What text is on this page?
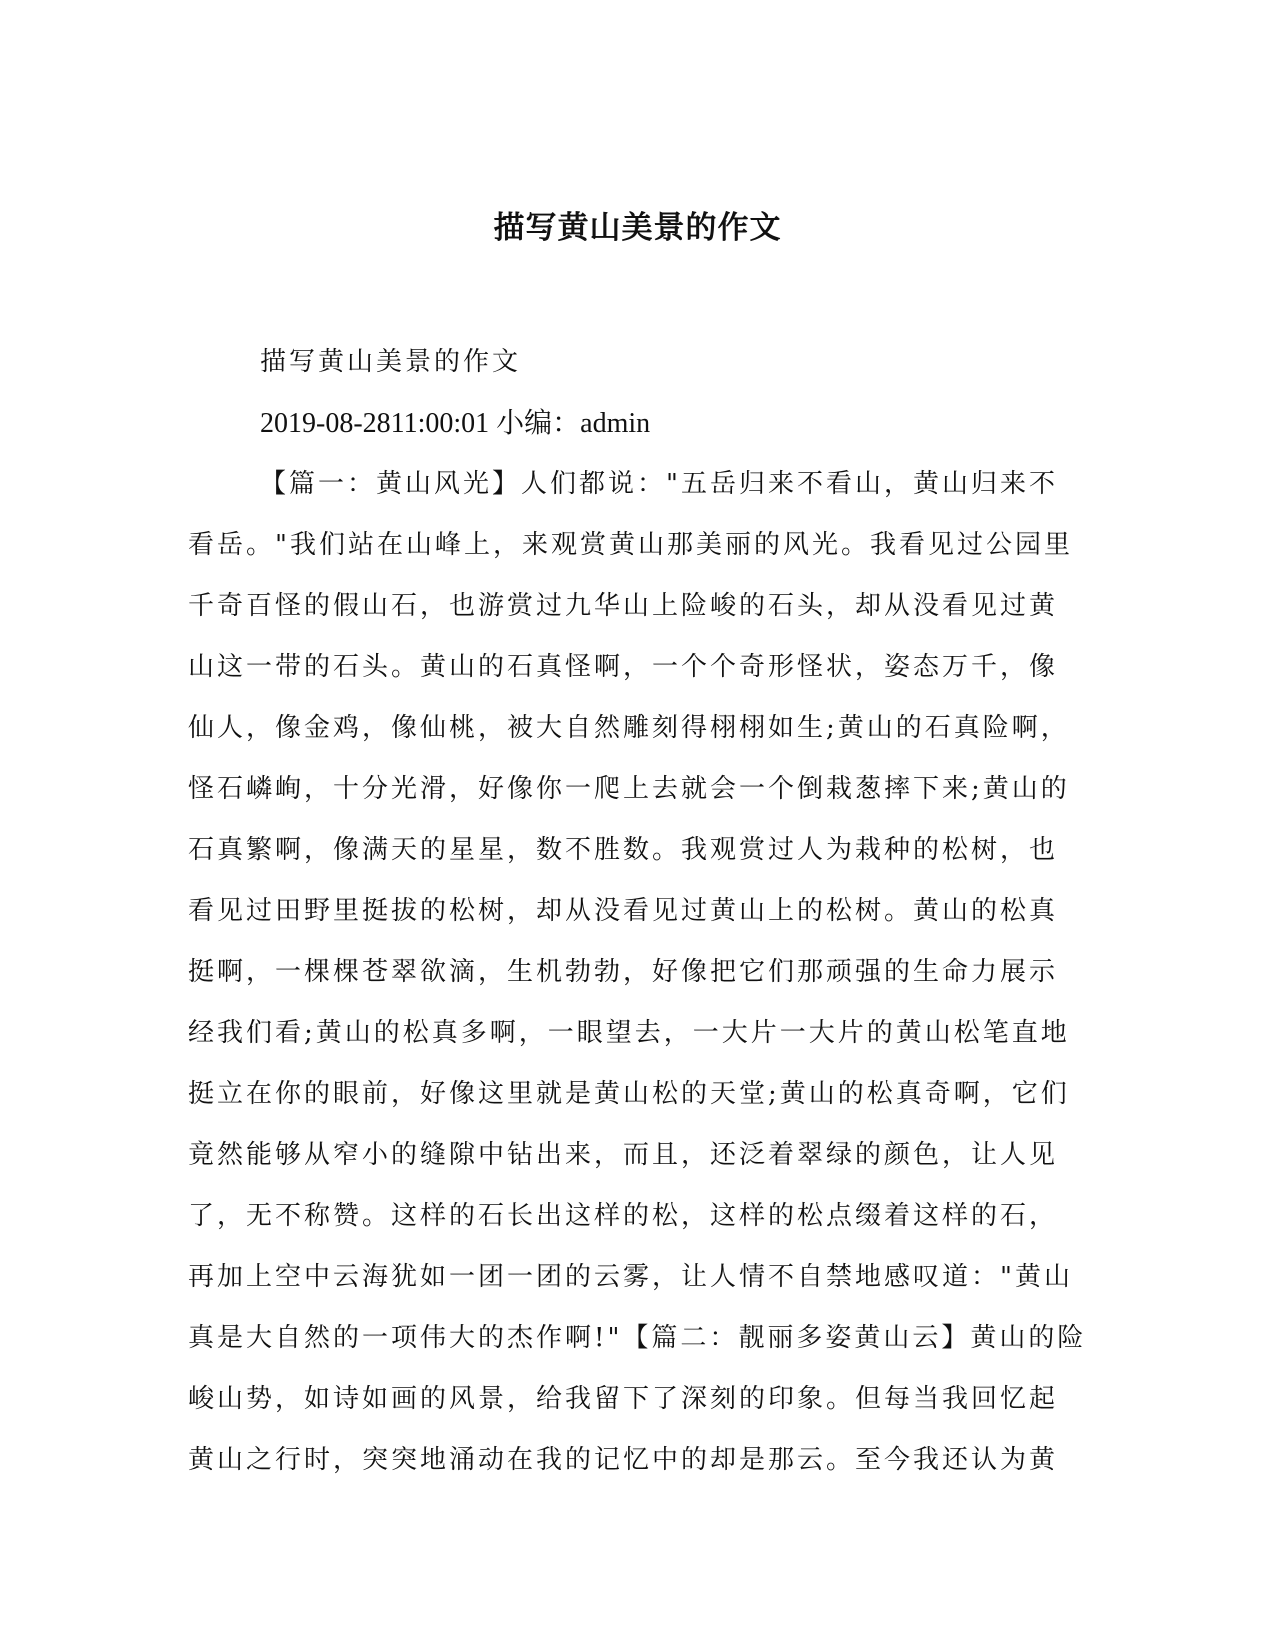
描写黄山美景的作文
描写黄山美景的作文
2019-08-2811:00:01 小编：admin
【篇一：黄山风光】人们都说："五岳归来不看山，黄山归来不
看岳。"我们站在山峰上，来观赏黄山那美丽的风光。我看见过公园里
千奇百怪的假山石，也游赏过九华山上险峻的石头，却从没看见过黄
山这一带的石头。黄山的石真怪啊，一个个奇形怪状，姿态万千，像
仙人，像金鸡，像仙桃，被大自然雕刻得栩栩如生;黄山的石真险啊，
怪石嶙峋，十分光滑，好像你一爬上去就会一个倒栽葱摔下来;黄山的
石真繁啊，像满天的星星，数不胜数。我观赏过人为栽种的松树，也
看见过田野里挺拔的松树，却从没看见过黄山上的松树。黄山的松真
挺啊，一棵棵苍翠欲滴，生机勃勃，好像把它们那顽强的生命力展示
经我们看;黄山的松真多啊，一眼望去，一大片一大片的黄山松笔直地
挺立在你的眼前，好像这里就是黄山松的天堂;黄山的松真奇啊，它们
竟然能够从窄小的缝隙中钻出来，而且，还泛着翠绿的颜色，让人见
了，无不称赞。这样的石长出这样的松，这样的松点缀着这样的石，
再加上空中云海犹如一团一团的云雾，让人情不自禁地感叹道："黄山
真是大自然的一项伟大的杰作啊!"【篇二：靓丽多姿黄山云】黄山的险
峻山势，如诗如画的风景，给我留下了深刻的印象。但每当我回忆起
黄山之行时，突突地涌动在我的记忆中的却是那云。至今我还认为黄
